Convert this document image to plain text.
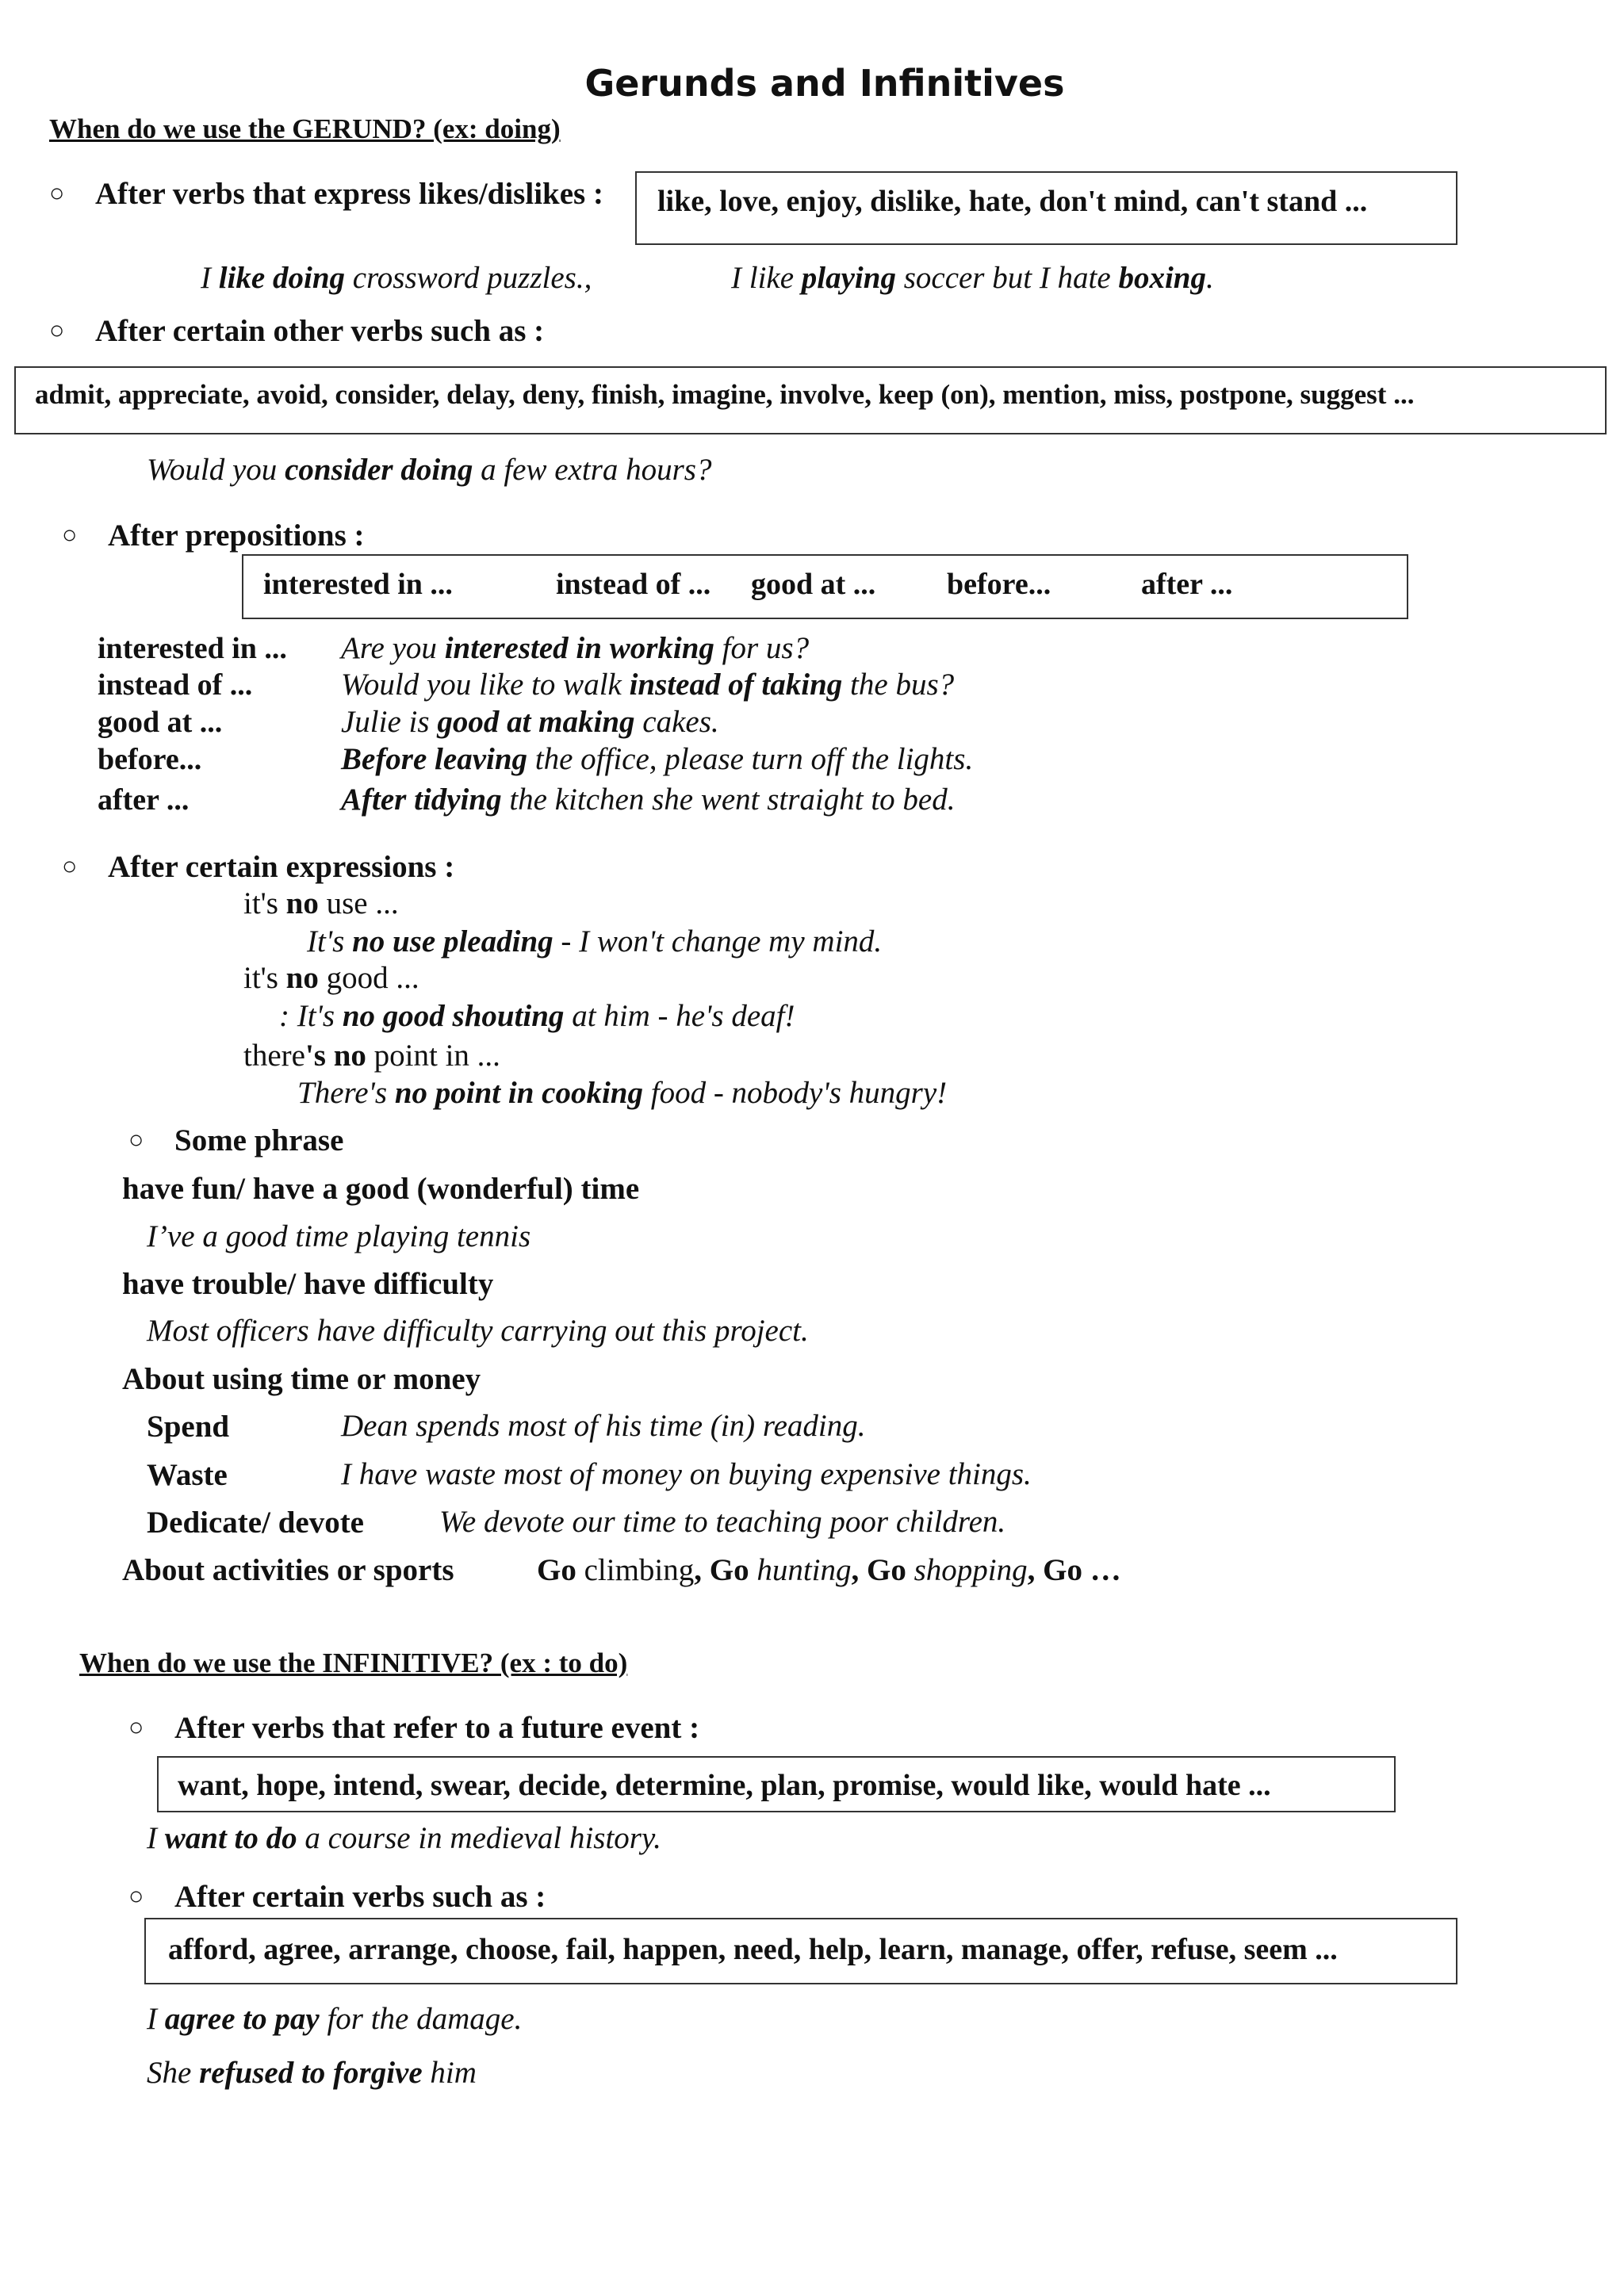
Gerunds and Infinitives
When do we use the GERUND? (ex: doing)
○ After verbs that express likes/dislikes :	like, love, enjoy, dislike, hate, don't mind, can't stand ...
I like doing crossword puzzles.,	I like playing soccer but I hate boxing.
○ After certain other verbs such as :
admit, appreciate, avoid, consider, delay, deny, finish, imagine, involve, keep (on), mention, miss, postpone, suggest ...
Would you consider doing a few extra hours?
○ After prepositions :
interested in ...	instead of ... good at ... before...	after ...
interested in ... Are you interested in working for us?
instead of ...	Would you like to walk instead of taking the bus?
good at ...	Julie is good at making cakes.
before...	Before leaving the office, please turn off the lights.
after ...	After tidying the kitchen she went straight to bed.
○ After certain expressions :
it's no use ...
It's no use pleading - I won't change my mind.
it's no good ...
: It's no good shouting at him - he's deaf!
there's no point in ...
There's no point in cooking food - nobody's hungry!
○ Some phrase
have fun/ have a good (wonderful) time
I’ve a good time playing tennis
have trouble/ have difficulty
Most officers have difficulty carrying out this project.
About using time or money
Spend	Dean spends most of his time (in) reading.
Waste	I have waste most of money on buying expensive things.
Dedicate/ devote We devote our time to teaching poor children.
About activities or sports	Go climbing, Go hunting, Go shopping, Go …
When do we use the INFINITIVE? (ex : to do)
○ After verbs that refer to a future event :
want, hope, intend, swear, decide, determine, plan, promise, would like, would hate ...
I want to do a course in medieval history.
○ After certain verbs such as :
afford, agree, arrange, choose, fail, happen, need, help, learn, manage, offer, refuse, seem ...
I agree to pay for the damage.
She refused to forgive him
